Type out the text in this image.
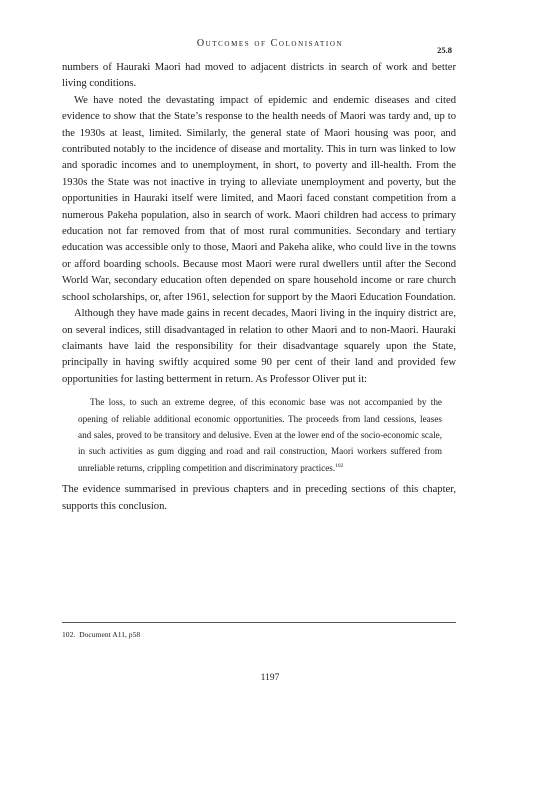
Outcomes of Colonisation
25.8

numbers of Hauraki Maori had moved to adjacent districts in search of work and better living conditions.

We have noted the devastating impact of epidemic and endemic diseases and cited evidence to show that the State’s response to the health needs of Maori was tardy and, up to the 1930s at least, limited. Similarly, the general state of Maori housing was poor, and contributed notably to the incidence of disease and mortality. This in turn was linked to low and sporadic incomes and to unemployment, in short, to poverty and ill-health. From the 1930s the State was not inactive in trying to alleviate unemployment and poverty, but the opportunities in Hauraki itself were limited, and Maori faced constant competition from a numerous Pakeha population, also in search of work. Maori children had access to primary education not far removed from that of most rural communities. Secondary and tertiary education was accessible only to those, Maori and Pakeha alike, who could live in the towns or afford boarding schools. Because most Maori were rural dwellers until after the Second World War, secondary education often depended on spare household income or rare church school scholarships, or, after 1961, selection for support by the Maori Education Foundation.

Although they have made gains in recent decades, Maori living in the inquiry district are, on several indices, still disadvantaged in relation to other Maori and to non-Maori. Hauraki claimants have laid the responsibility for their disadvantage squarely upon the State, principally in having swiftly acquired some 90 per cent of their land and provided few opportunities for lasting betterment in return. As Professor Oliver put it:

The loss, to such an extreme degree, of this economic base was not accompanied by the opening of reliable additional economic opportunities. The proceeds from land cessions, leases and sales, proved to be transitory and delusive. Even at the lower end of the socio-economic scale, in such activities as gum digging and road and rail construction, Maori workers suffered from unreliable returns, crippling competition and discriminatory practices.$^{102}$

The evidence summarised in previous chapters and in preceding sections of this chapter, supports this conclusion.

102. Document A11, p58
1197
